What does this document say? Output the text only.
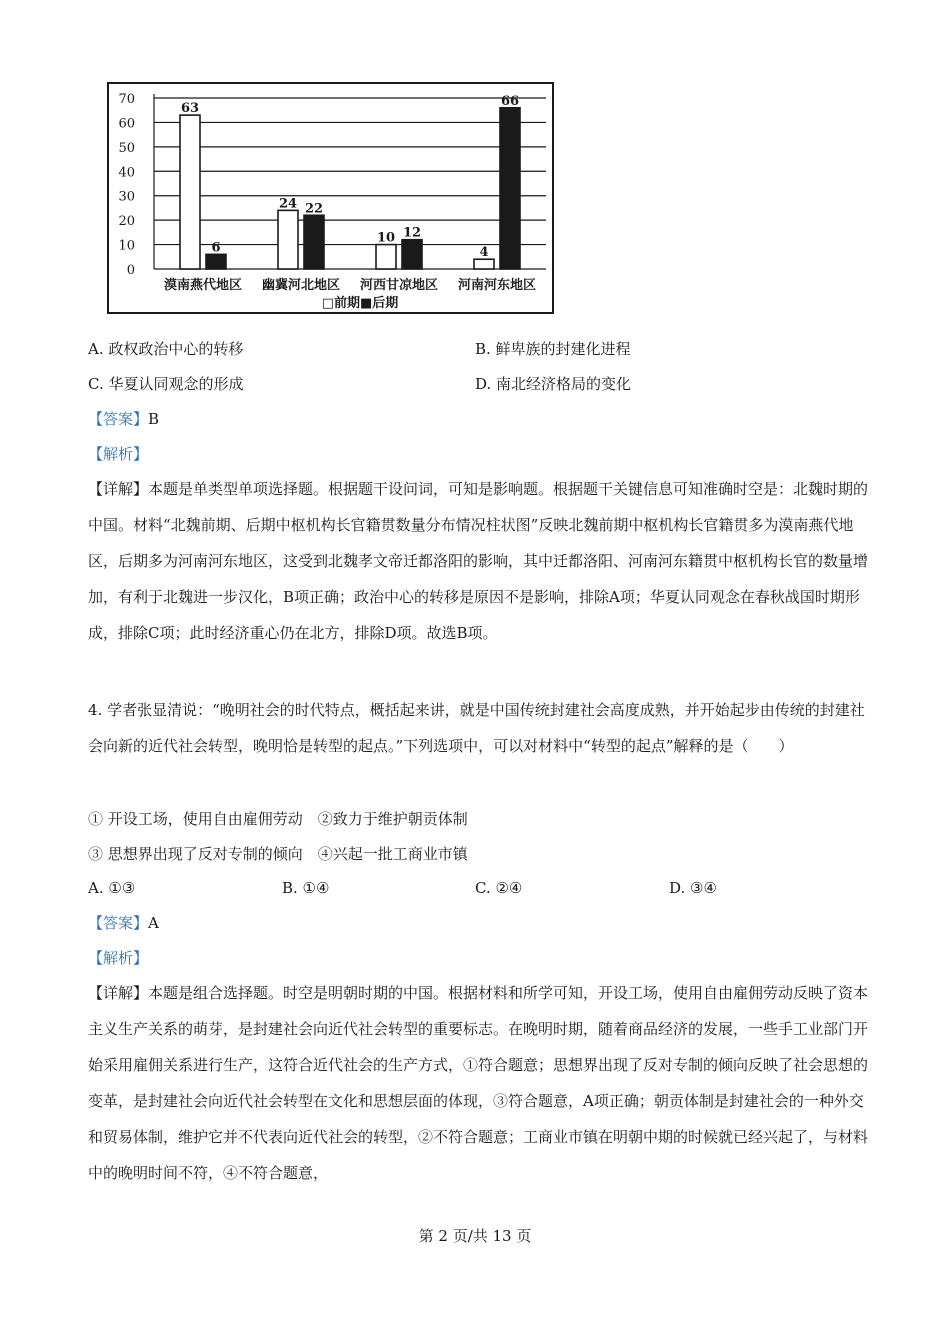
0
10
20
30
40
50
60
70
63
6
漠南燕代地区
24 22
幽冀河北地区
10 12
河西甘凉地区
4
66
河南河东地区
□前期■后期
A. 政权政治中心的转移	B. 鲜卑族的封建化进程
C. 华夏认同观念的形成	D. 南北经济格局的变化
【答案】B
【解析】

【详解】本题是单类型单项选择题。根据题干设问词，可知是影响题。根据题干关键信息可知准确时空是：北魏时期的中国。材料“北魏前期、后期中枢机构长官籍贯数量分布情况柱状图”反映北魏前期中枢机构长官籍贯多为漠南燕代地区，后期多为河南河东地区，这受到北魏孝文帝迁都洛阳的影响，其中迁都洛阳、河南河东籍贯中枢机构长官的数量增加，有利于北魏进一步汉化，B项正确；政治中心的转移是原因不是影响，排除A项；华夏认同观念在春秋战国时期形成，排除C项；此时经济重心仍在北方，排除D项。故选B项。

4. 学者张显清说：“晚明社会的时代特点，概括起来讲，就是中国传统封建社会高度成熟，并开始起步由传统的封建社会向新的近代社会转型，晚明恰是转型的起点。”下列选项中，可以对材料中“转型的起点”解释的是（　　）

① 开设工场，使用自由雇佣劳动　②致力于维护朝贡体制
③ 思想界出现了反对专制的倾向　④兴起一批工商业市镇
A. ①③	B. ①④	C. ②④	D. ③④
【答案】A
【解析】

【详解】本题是组合选择题。时空是明朝时期的中国。根据材料和所学可知，开设工场，使用自由雇佣劳动反映了资本主义生产关系的萌芽，是封建社会向近代社会转型的重要标志。在晚明时期，随着商品经济的发展，一些手工业部门开始采用雇佣关系进行生产，这符合近代社会的生产方式，①符合题意；思想界出现了反对专制的倾向反映了社会思想的变革，是封建社会向近代社会转型在文化和思想层面的体现，③符合题意，A项正确；朝贡体制是封建社会的一种外交和贸易体制，维护它并不代表向近代社会的转型，②不符合题意；工商业市镇在明朝中期的时候就已经兴起了，与材料中的晚明时间不符，④不符合题意，

第 2 页/共 13 页
